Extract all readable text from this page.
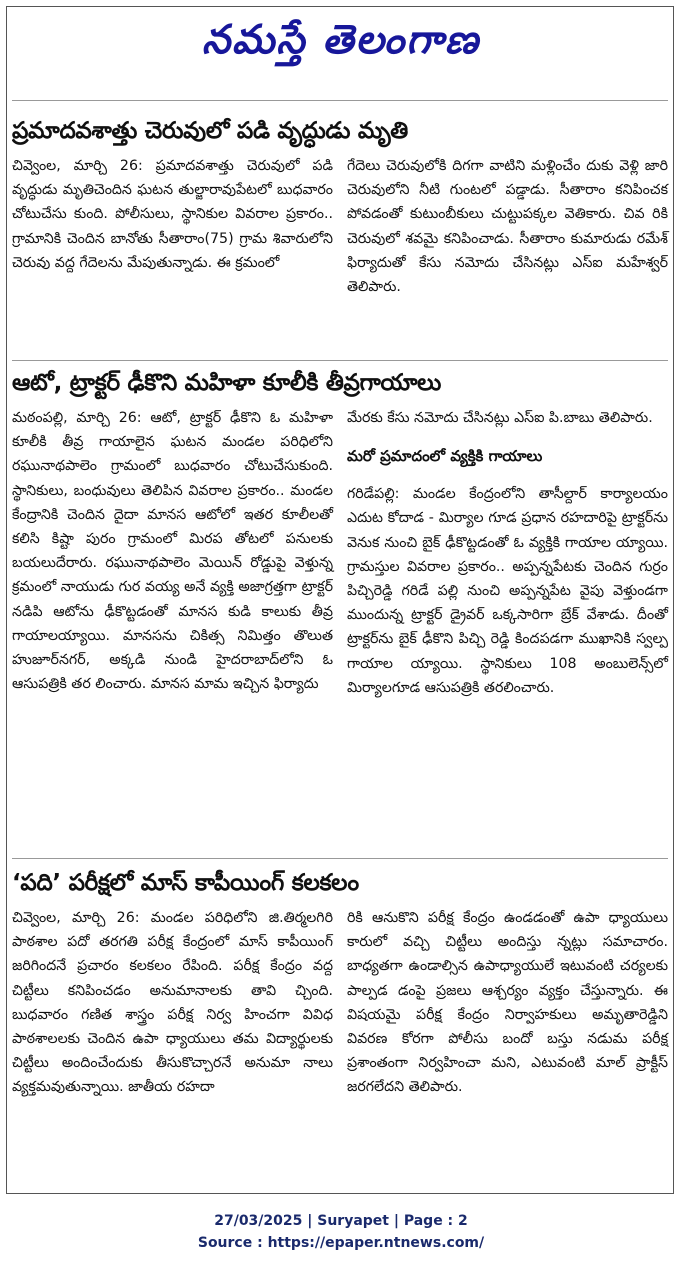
నమస్తే తెలంగాణ
ప్రమాదవశాత్తు చెరువులో పడి వృద్ధుడు మృతి

చివ్వెంల, మార్చి 26: ప్రమాదవశాత్తు చెరువులో పడి వృద్ధుడు మృతిచెందిన ఘటన తుల్జారావుపేటలో బుధవారం చోటుచేసు కుంది. పోలీసులు, స్థానికుల వివరాల ప్రకారం.. గ్రామానికి చెందిన బానోతు సీతారాం(75) గ్రామ శివారులోని చెరువు వద్ద గేదెలను మేపుతున్నాడు. ఈ క్రమంలో

గేదెలు చెరువులోకి దిగగా వాటిని మళ్లించేం దుకు వెళ్లి జారి చెరువులోని నీటి గుంటలో పడ్డాడు. సీతారాం కనిపించక పోవడంతో కుటుంబీకులు చుట్టుపక్కల వెతికారు. చివ రికి చెరువులో శవమై కనిపించాడు. సీతారాం కుమారుడు రమేశ్ ఫిర్యాదుతో కేసు నమోదు చేసినట్లు ఎస్ఐ మహేశ్వర్ తెలిపారు.

ఆటో, ట్రాక్టర్ ఢీకొని మహిళా కూలీకి తీవ్రగాయాలు

మఠంపల్లి, మార్చి 26: ఆటో, ట్రాక్టర్ ఢీకొని ఓ మహిళా కూలీకి తీవ్ర గాయాలైన ఘటన మండల పరిధిలోని రఘునాథపాలెం గ్రామంలో బుధవారం చోటుచేసుకుంది. స్థానికులు, బంధువులు తెలిపిన వివరాల ప్రకారం.. మండల కేంద్రానికి చెందిన దైదా మానస ఆటోలో ఇతర కూలీలతో కలిసి కిష్టా పురం గ్రామంలో మిరప తోటలో పనులకు బయలుదేరారు. రఘునాథపాలెం మెయిన్ రోడ్డుపై వెళ్తున్న క్రమంలో నాయుడు గుర వయ్య అనే వ్యక్తి అజాగ్రత్తగా ట్రాక్టర్ నడిపి ఆటోను ఢీకొట్టడంతో మానస కుడి కాలుకు తీవ్ర గాయాలయ్యాయి. మానసను చికిత్స నిమిత్తం తొలుత హుజూర్‌నగర్, అక్కడి నుండి హైదరాబాద్‌లోని ఓ ఆసుపత్రికి తర లించారు. మానస మామ ఇచ్చిన ఫిర్యాదు

మేరకు కేసు నమోదు చేసినట్లు ఎస్ఐ పి.బాబు తెలిపారు.

మరో ప్రమాదంలో వ్యక్తికి గాయాలు

గరిడేపల్లి: మండల కేంద్రంలోని తాసీల్దార్ కార్యాలయం ఎదుట కోదాడ - మిర్యాల గూడ ప్రధాన రహదారిపై ట్రాక్టర్‌ను వెనుక నుంచి బైక్ ఢీకొట్టడంతో ఓ వ్యక్తికి గాయాల య్యాయి. గ్రామస్తుల వివరాల ప్రకారం.. అప్పన్నపేటకు చెందిన గుర్రం పిచ్చిరెడ్డి గరిడే పల్లి నుంచి అప్పన్నపేట వైపు వెళ్తుండగా ముందున్న ట్రాక్టర్ డ్రైవర్ ఒక్కసారిగా బ్రేక్ వేశాడు. దీంతో ట్రాక్టర్‌ను బైక్ ఢీకొని పిచ్చి రెడ్డి కిందపడగా ముఖానికి స్వల్ప గాయాల య్యాయి. స్థానికులు 108 అంబులెన్స్‌లో మిర్యాలగూడ ఆసుపత్రికి తరలించారు.

‘పది’ పరీక్షలో మాస్ కాపీయింగ్ కలకలం

చివ్వెంల, మార్చి 26: మండల పరిధిలోని జి.తిర్మలగిరి పాఠశాల పదో తరగతి పరీక్ష కేంద్రంలో మాస్ కాపీయింగ్ జరిగిందనే ప్రచారం కలకలం రేపింది. పరీక్ష కేంద్రం వద్ద చిట్టీలు కనిపించడం అనుమానాలకు తావి చ్చింది. బుధవారం గణిత శాస్త్రం పరీక్ష నిర్వ హించగా వివిధ పాఠశాలలకు చెందిన ఉపా ధ్యాయులు తమ విద్యార్థులకు చిట్టీలు అందించేందుకు తీసుకొచ్చారనే అనుమా నాలు వ్యక్తమవుతున్నాయి. జాతీయ రహదా

రికి ఆనుకొని పరీక్ష కేంద్రం ఉండడంతో ఉపా ధ్యాయులు కారులో వచ్చి చిట్టీలు అందిస్తు న్నట్లు సమాచారం. బాధ్యతగా ఉండాల్సిన ఉపాధ్యాయులే ఇటువంటి చర్యలకు పాల్పడ డంపై ప్రజలు ఆశ్చర్యం వ్యక్తం చేస్తున్నారు. ఈ విషయమై పరీక్ష కేంద్రం నిర్వాహకులు అమృతారెడ్డిని వివరణ కోరగా పోలీసు బందో బస్తు నడుమ పరీక్ష ప్రశాంతంగా నిర్వహించా మని, ఎటువంటి మాల్ ప్రాక్టీస్ జరగలేదని తెలిపారు.

27/03/2025 | Suryapet | Page : 2
Source : https://epaper.ntnews.com/
